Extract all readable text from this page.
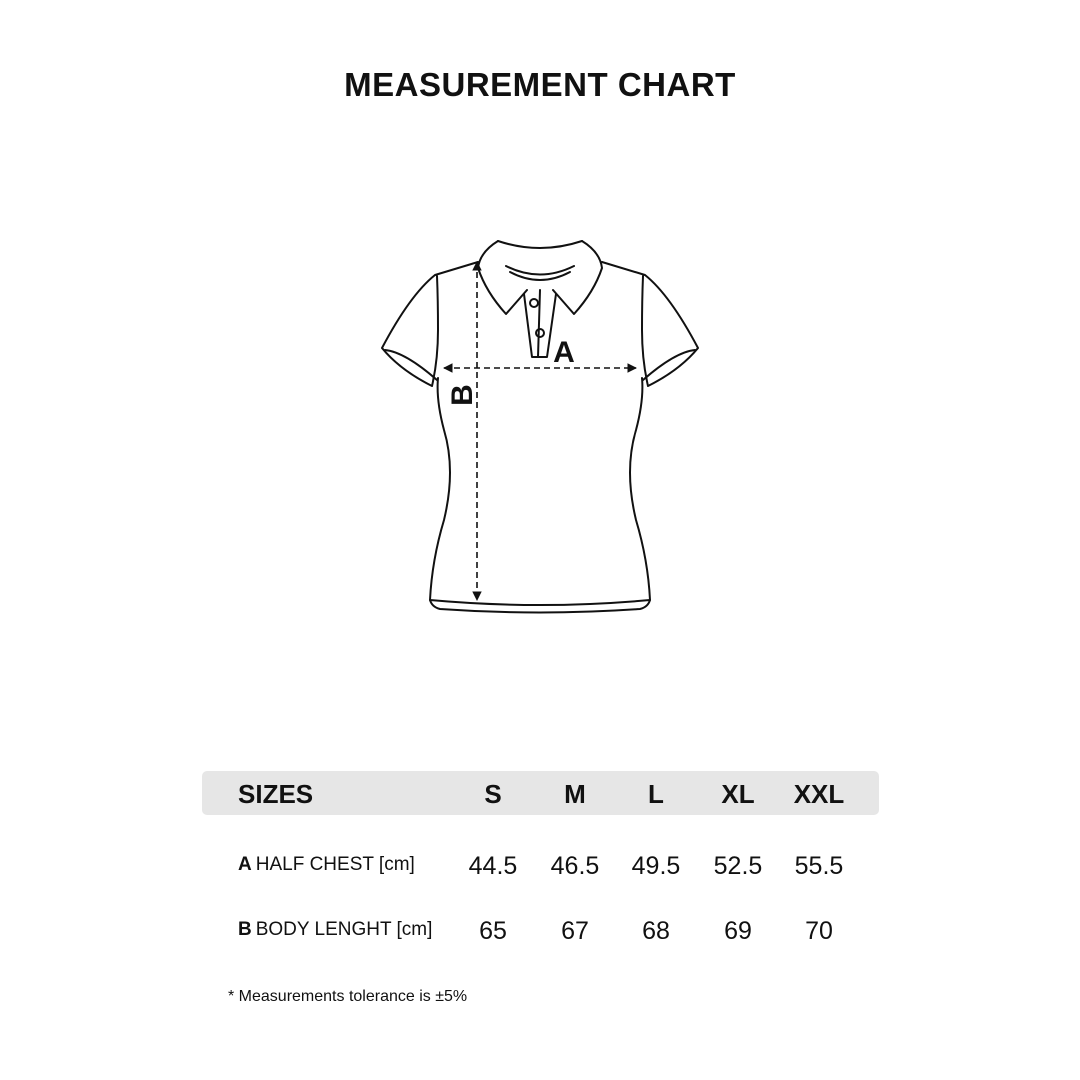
MEASUREMENT CHART
A
B
SIZES	S	M	L	XL	XXL
A HALF CHEST [cm]	44.5	46.5	49.5	52.5	55.5
B BODY LENGHT [cm]	65	67	68	69	70
* Measurements tolerance is ±5%
